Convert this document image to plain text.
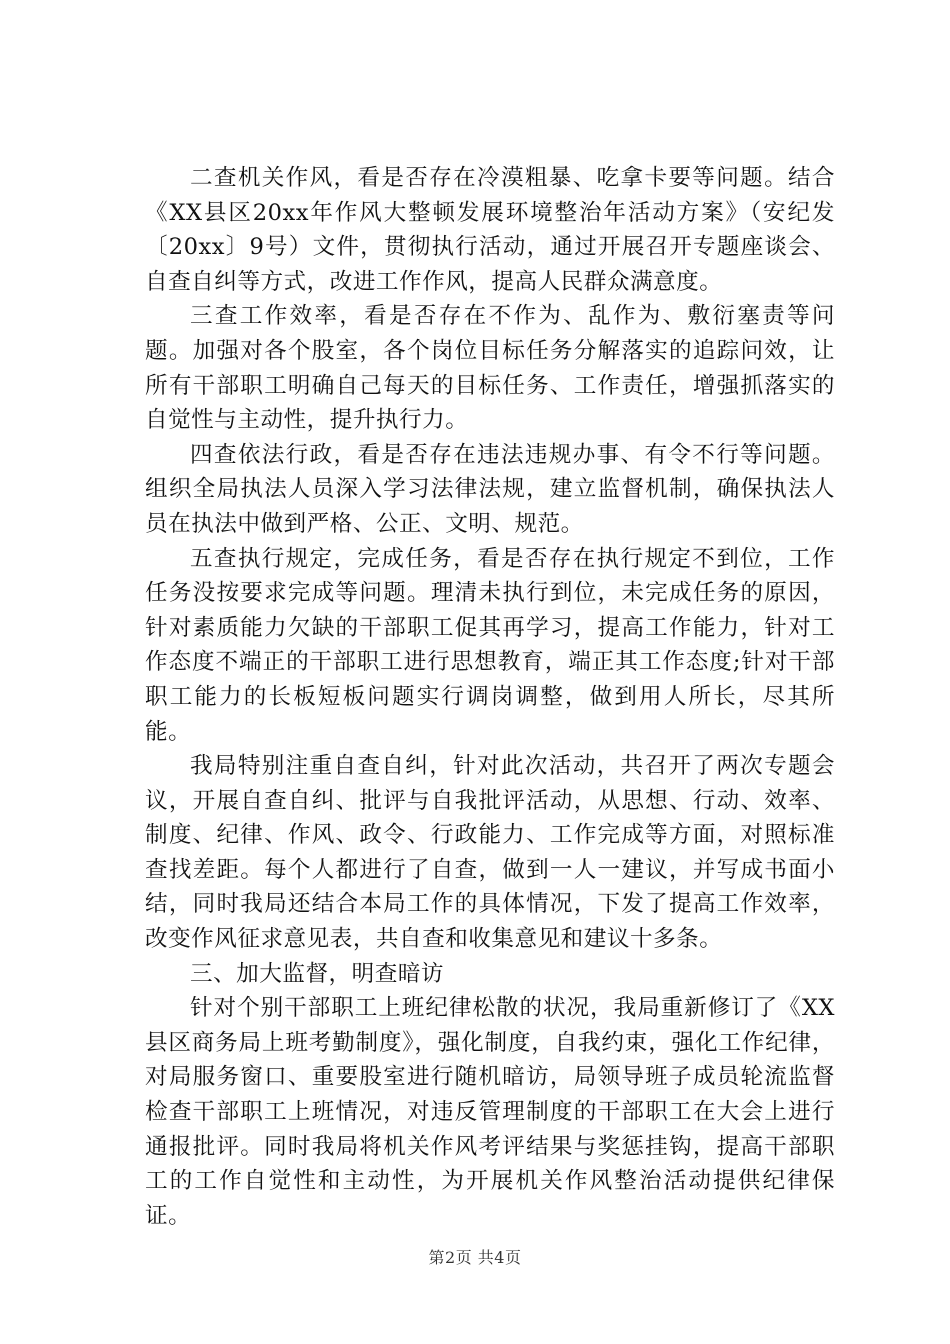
二查机关作风，看是否存在冷漠粗暴、吃拿卡要等问题。结合《XX县区20xx年作风大整顿发展环境整治年活动方案》（安纪发〔20xx〕9号）文件，贯彻执行活动，通过开展召开专题座谈会、自查自纠等方式，改进工作作风，提高人民群众满意度。

三查工作效率，看是否存在不作为、乱作为、敷衍塞责等问题。加强对各个股室，各个岗位目标任务分解落实的追踪问效，让所有干部职工明确自己每天的目标任务、工作责任，增强抓落实的自觉性与主动性，提升执行力。

四查依法行政，看是否存在违法违规办事、有令不行等问题。组织全局执法人员深入学习法律法规，建立监督机制，确保执法人员在执法中做到严格、公正、文明、规范。

五查执行规定，完成任务，看是否存在执行规定不到位，工作任务没按要求完成等问题。理清未执行到位，未完成任务的原因，针对素质能力欠缺的干部职工促其再学习，提高工作能力，针对工作态度不端正的干部职工进行思想教育，端正其工作态度;针对干部职工能力的长板短板问题实行调岗调整，做到用人所长，尽其所能。

我局特别注重自查自纠，针对此次活动，共召开了两次专题会议，开展自查自纠、批评与自我批评活动，从思想、行动、效率、制度、纪律、作风、政令、行政能力、工作完成等方面，对照标准查找差距。每个人都进行了自查，做到一人一建议，并写成书面小结，同时我局还结合本局工作的具体情况，下发了提高工作效率，改变作风征求意见表，共自查和收集意见和建议十多条。

三、加大监督，明查暗访

针对个别干部职工上班纪律松散的状况，我局重新修订了《XX县区商务局上班考勤制度》，强化制度，自我约束，强化工作纪律，对局服务窗口、重要股室进行随机暗访，局领导班子成员轮流监督检查干部职工上班情况，对违反管理制度的干部职工在大会上进行通报批评。同时我局将机关作风考评结果与奖惩挂钩，提高干部职工的工作自觉性和主动性，为开展机关作风整治活动提供纪律保证。

第2页 共4页
